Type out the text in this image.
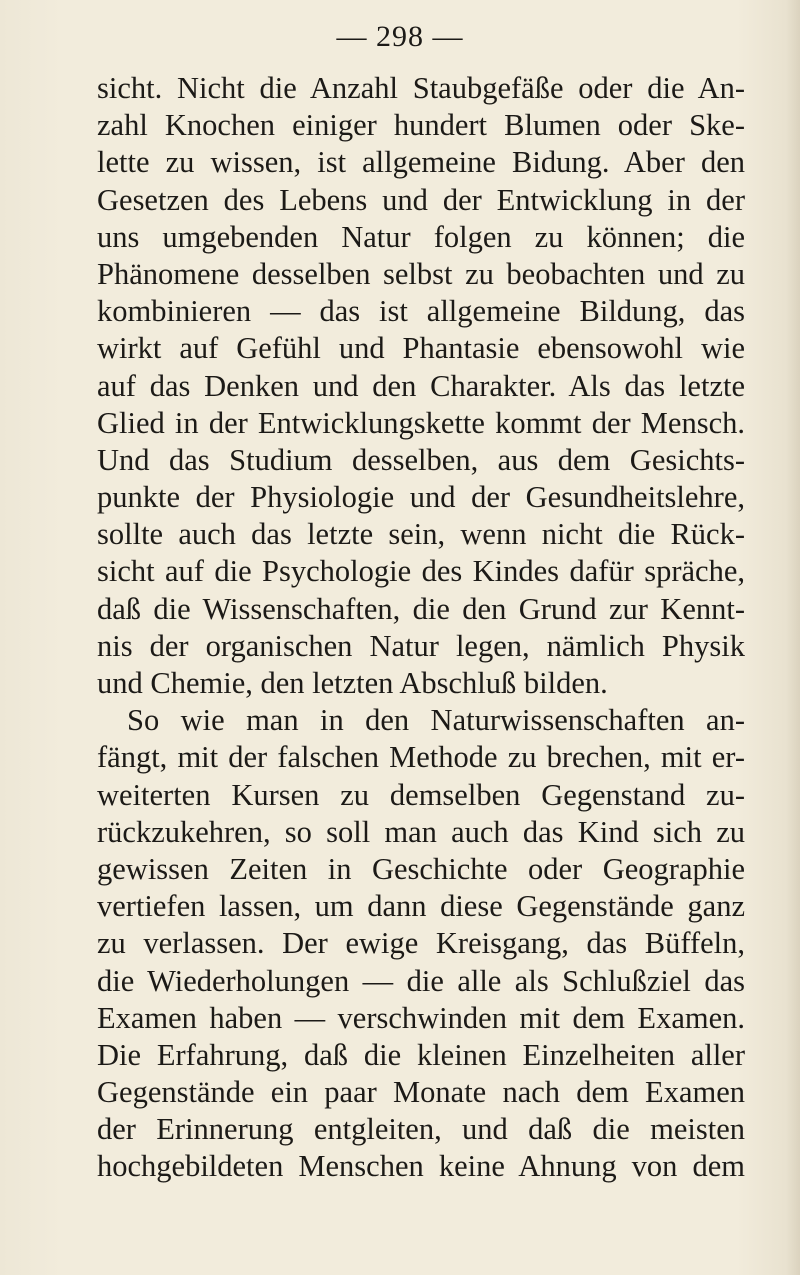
— 298 —
sicht. Nicht die Anzahl Staubgefäße oder die An-
zahl Knochen einiger hundert Blumen oder Ske-
lette zu wissen, ist allgemeine Bidung. Aber den
Gesetzen des Lebens und der Entwicklung in der
uns umgebenden Natur folgen zu können; die
Phänomene desselben selbst zu beobachten und zu
kombinieren — das ist allgemeine Bildung, das
wirkt auf Gefühl und Phantasie ebensowohl wie
auf das Denken und den Charakter. Als das letzte
Glied in der Entwicklungskette kommt der Mensch.
Und das Studium desselben, aus dem Gesichts-
punkte der Physiologie und der Gesundheitslehre,
sollte auch das letzte sein, wenn nicht die Rück-
sicht auf die Psychologie des Kindes dafür spräche,
daß die Wissenschaften, die den Grund zur Kennt-
nis der organischen Natur legen, nämlich Physik
und Chemie, den letzten Abschluß bilden.
So wie man in den Naturwissenschaften an-
fängt, mit der falschen Methode zu brechen, mit er-
weiterten Kursen zu demselben Gegenstand zu-
rückzukehren, so soll man auch das Kind sich zu
gewissen Zeiten in Geschichte oder Geographie
vertiefen lassen, um dann diese Gegenstände ganz
zu verlassen. Der ewige Kreisgang, das Büffeln,
die Wiederholungen — die alle als Schlußziel das
Examen haben — verschwinden mit dem Examen.
Die Erfahrung, daß die kleinen Einzelheiten aller
Gegenstände ein paar Monate nach dem Examen
der Erinnerung entgleiten, und daß die meisten
hochgebildeten Menschen keine Ahnung von dem
